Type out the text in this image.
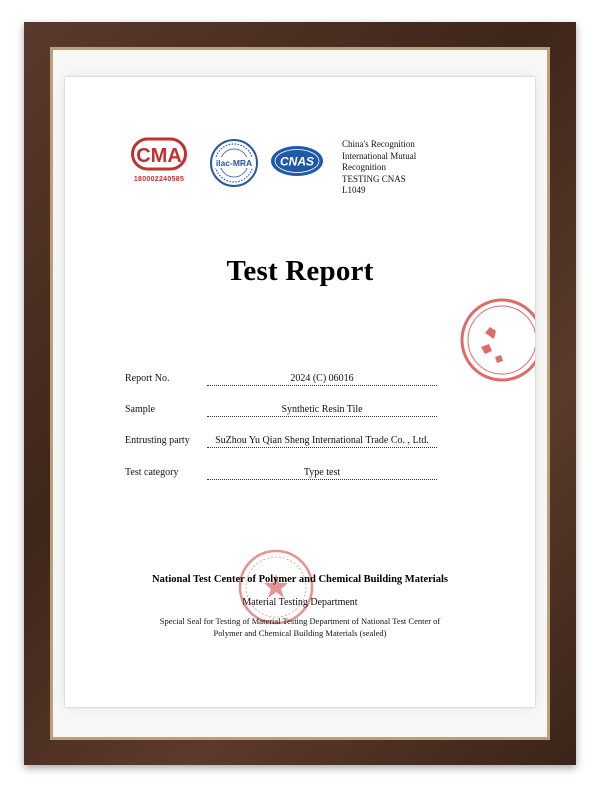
CMA
180002240585
ilac-MRA CNAS
China's Recognition
International Mutual
Recognition
TESTING CNAS
L1049
Test Report
Report No.	2024 (C) 06016
Sample	Synthetic Resin Tile
Entrusting party	SuZhou Yu Qian Sheng International Trade Co. , Ltd.
Test category	Type test
National Test Center of Polymer and Chemical Building Materials
Material Testing Department
Special Seal for Testing of Material Testing Department of National Test Center of
Polymer and Chemical Building Materials (sealed)
